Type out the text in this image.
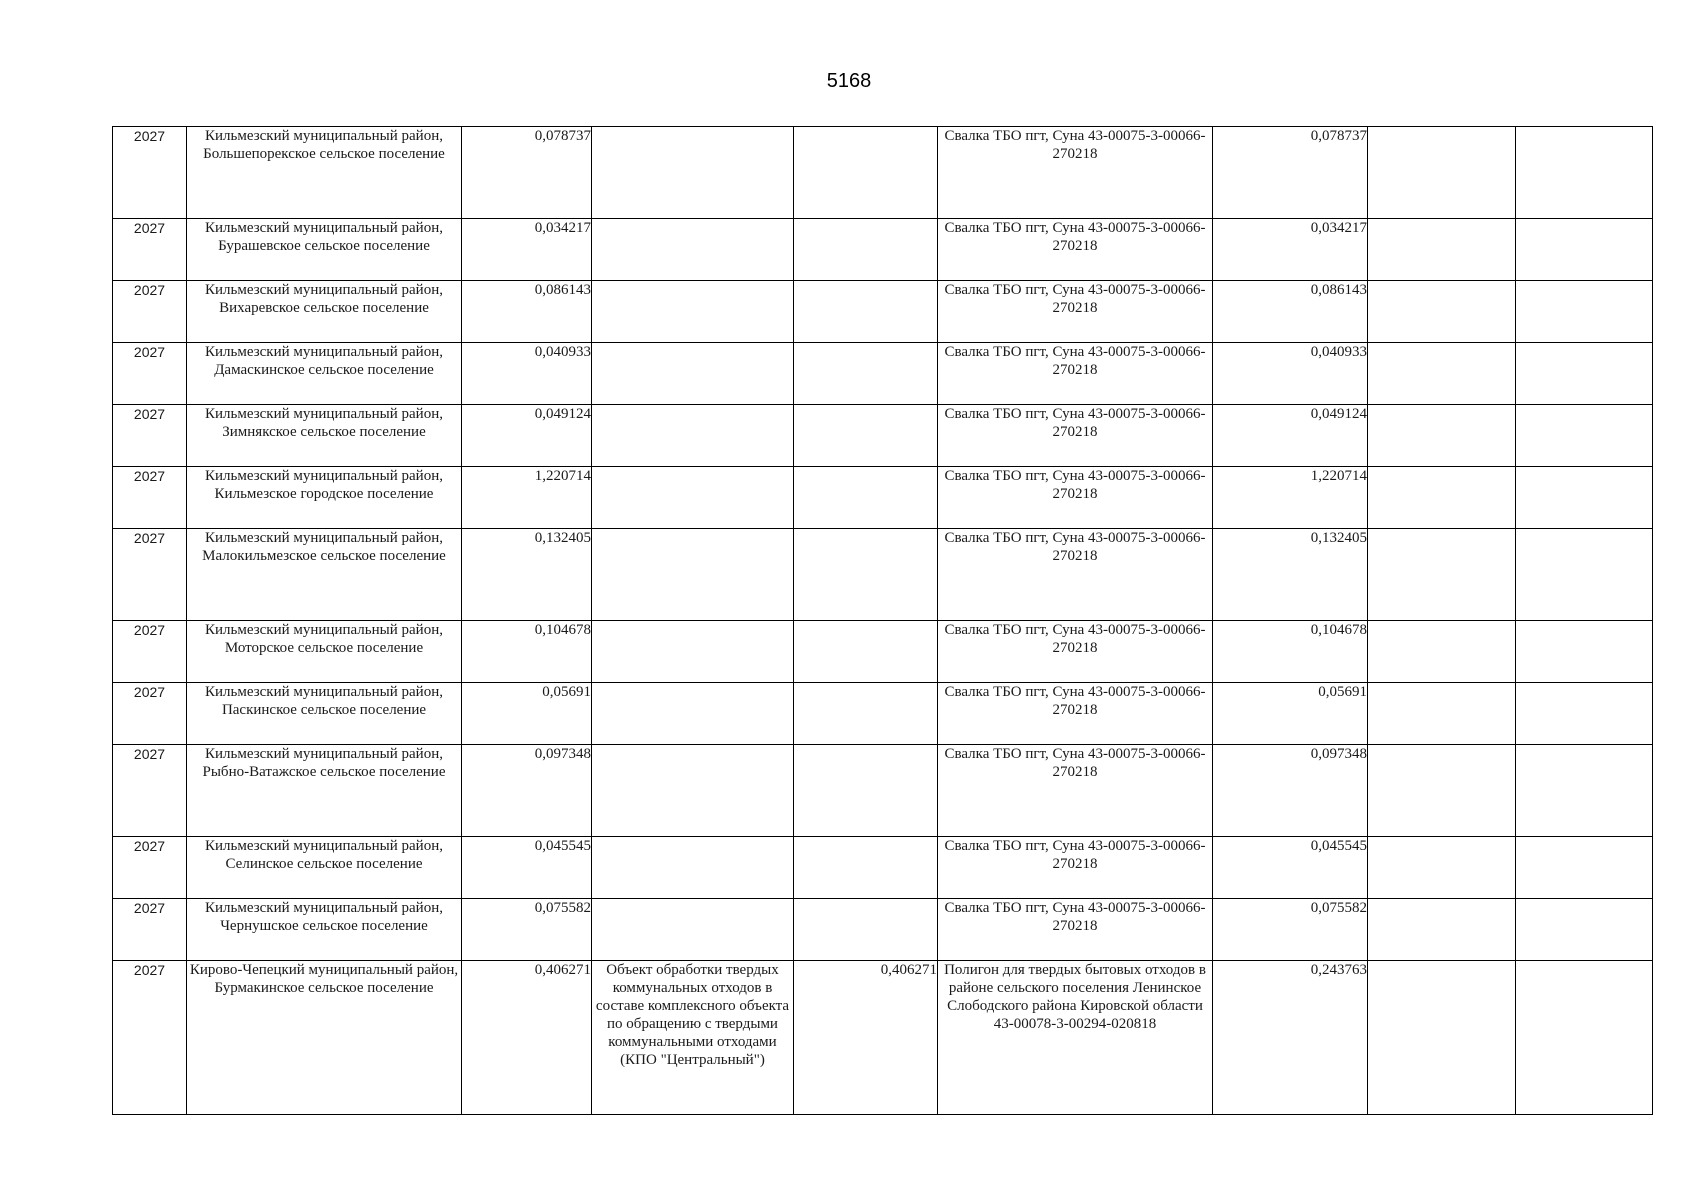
5168
2027	Кильмезский муниципальный район, Большепорекское сельское поселение	0,078737			Свалка ТБО пгт, Суна 43-00075-3-00066-270218	0,078737		
2027	Кильмезский муниципальный район, Бурашевское сельское поселение	0,034217			Свалка ТБО пгт, Суна 43-00075-3-00066-270218	0,034217		
2027	Кильмезский муниципальный район, Вихаревское сельское поселение	0,086143			Свалка ТБО пгт, Суна 43-00075-3-00066-270218	0,086143		
2027	Кильмезский муниципальный район, Дамаскинское сельское поселение	0,040933			Свалка ТБО пгт, Суна 43-00075-3-00066-270218	0,040933		
2027	Кильмезский муниципальный район, Зимнякское сельское поселение	0,049124			Свалка ТБО пгт, Суна 43-00075-3-00066-270218	0,049124		
2027	Кильмезский муниципальный район, Кильмезское городское поселение	1,220714			Свалка ТБО пгт, Суна 43-00075-3-00066-270218	1,220714		
2027	Кильмезский муниципальный район, Малокильмезское сельское поселение	0,132405			Свалка ТБО пгт, Суна 43-00075-3-00066-270218	0,132405		
2027	Кильмезский муниципальный район, Моторское сельское поселение	0,104678			Свалка ТБО пгт, Суна 43-00075-3-00066-270218	0,104678		
2027	Кильмезский муниципальный район, Паскинское сельское поселение	0,05691			Свалка ТБО пгт, Суна 43-00075-3-00066-270218	0,05691		
2027	Кильмезский муниципальный район, Рыбно-Ватажское сельское поселение	0,097348			Свалка ТБО пгт, Суна 43-00075-3-00066-270218	0,097348		
2027	Кильмезский муниципальный район, Селинское сельское поселение	0,045545			Свалка ТБО пгт, Суна 43-00075-3-00066-270218	0,045545		
2027	Кильмезский муниципальный район, Чернушское сельское поселение	0,075582			Свалка ТБО пгт, Суна 43-00075-3-00066-270218	0,075582		
2027	Кирово-Чепецкий муниципальный район, Бурмакинское сельское поселение	0,406271	Объект обработки твердых коммунальных отходов в составе комплексного объекта по обращению с твердыми коммунальными отходами (КПО "Центральный")	0,406271	Полигон для твердых бытовых отходов в районе сельского поселения Ленинское Слободского района Кировской области 43-00078-3-00294-020818	0,243763		
